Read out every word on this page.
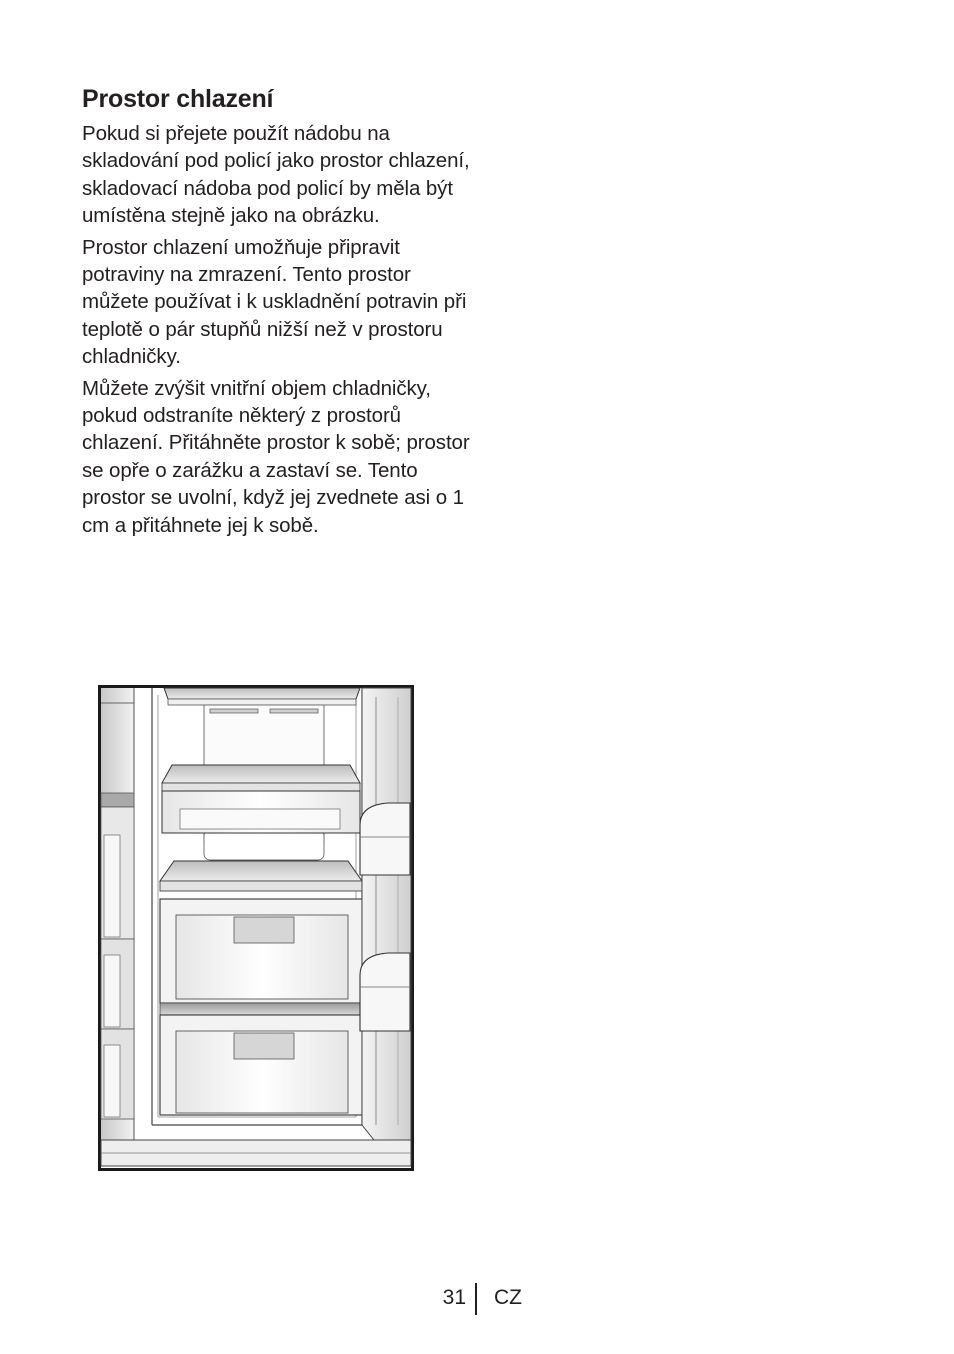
Prostor chlazení

Pokud si přejete použít nádobu na skladování pod policí jako prostor chlazení, skladovací nádoba pod policí by měla být umístěna stejně jako na obrázku.

Prostor chlazení umožňuje připravit potraviny na zmrazení. Tento prostor můžete používat i k uskladnění potravin při teplotě o pár stupňů nižší než v prostoru chladničky.

Můžete zvýšit vnitřní objem chladničky, pokud odstraníte některý z prostorů chlazení. Přitáhněte prostor k sobě; prostor se opře o zarážku a zastaví se. Tento prostor se uvolní, když jej zvednete asi o 1 cm a přitáhnete jej k sobě.

31 CZ
